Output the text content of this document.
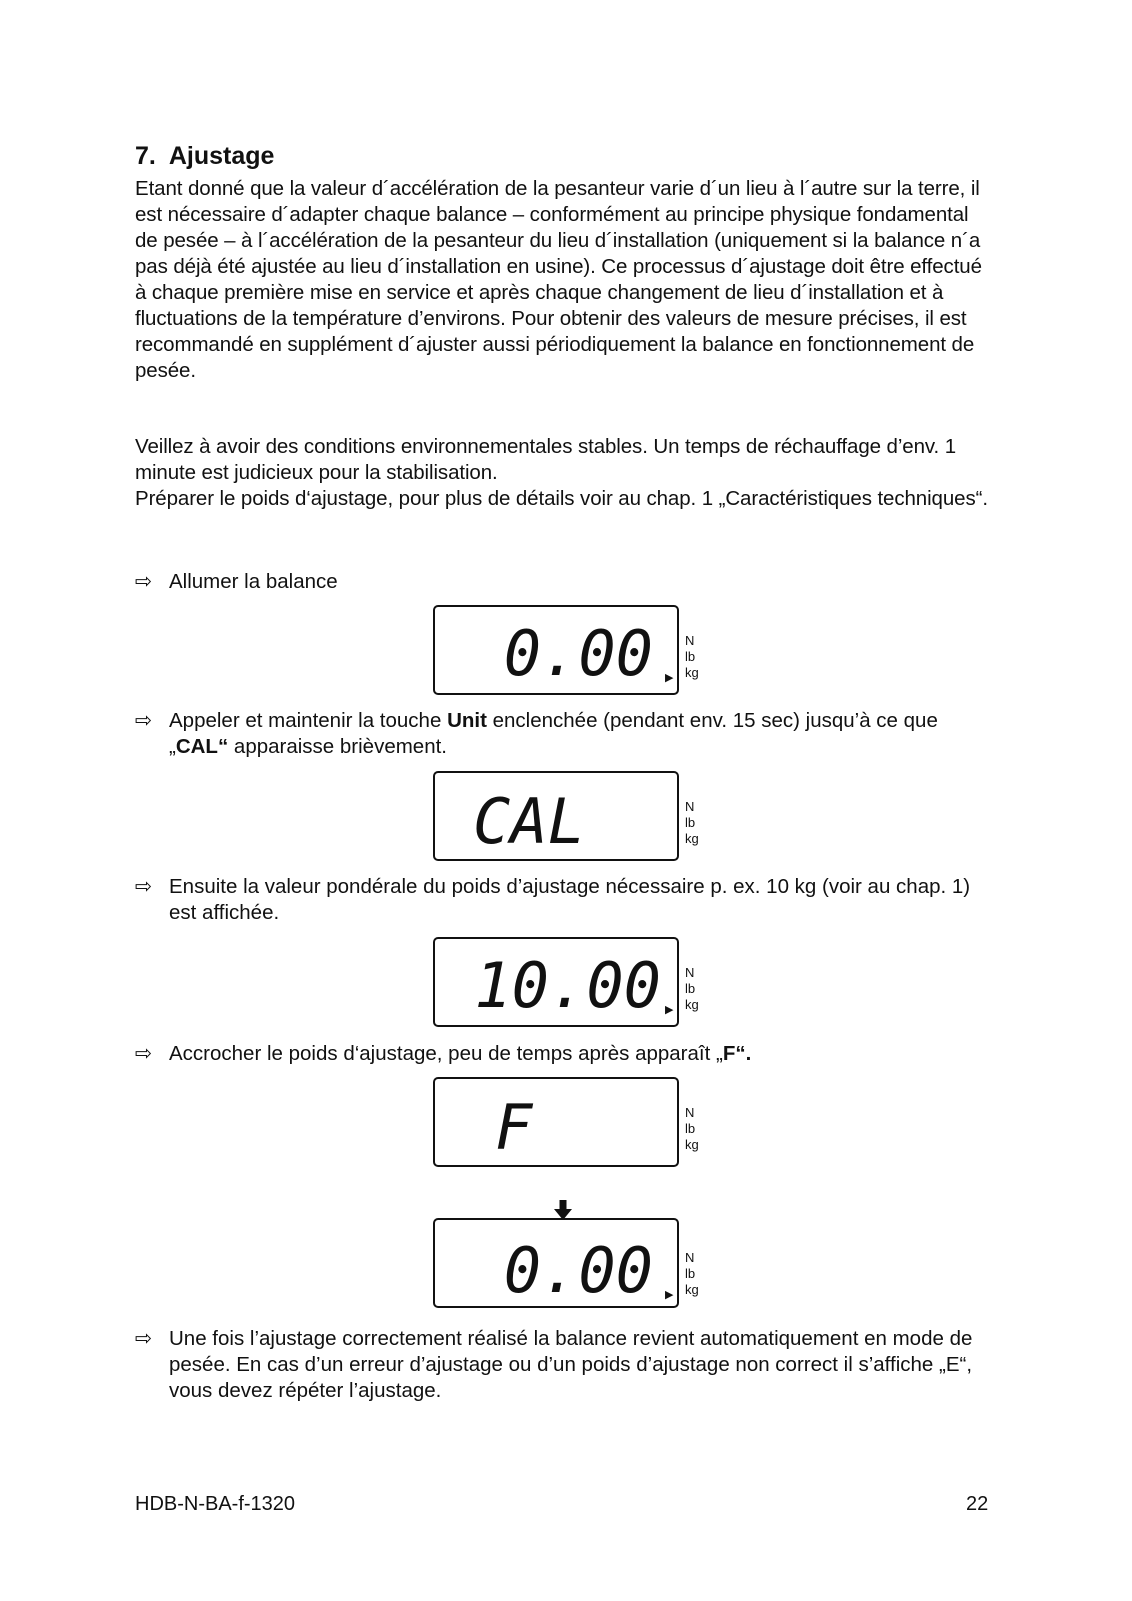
7. Ajustage

Etant donné que la valeur d´accélération de la pesanteur varie d´un lieu à l´autre sur la terre, il est nécessaire d´adapter chaque balance – conformément au principe physique fondamental de pesée – à l´accélération de la pesanteur du lieu d´installation (uniquement si la balance n´a pas déjà été ajustée au lieu d´installation en usine). Ce processus d´ajustage doit être effectué à chaque première mise en service et après chaque changement de lieu d´installation et à fluctuations de la température d’environs. Pour obtenir des valeurs de mesure précises, il est recommandé en supplément d´ajuster aussi périodiquement la balance en fonctionnement de pesée.

Veillez à avoir des conditions environnementales stables. Un temps de réchauffage d’env. 1 minute est judicieux pour la stabilisation.

Préparer le poids d‘ajustage, pour plus de détails voir au chap. 1 „Caractéristiques techniques“.

⇨ Allumer la balance
0.00 ▶
N
lb
kg
⇨ Appeler et maintenir la touche Unit enclenchée (pendant env. 15 sec) jusqu’à ce que „CAL“ apparaisse brièvement.
CAL	N
lb
kg
⇨ Ensuite la valeur pondérale du poids d’ajustage nécessaire p. ex. 10 kg (voir au chap. 1) est affichée.
10.00 ▶
N
lb
kg
⇨ Accrocher le poids d‘ajustage, peu de temps après apparaît „F“.
F	N
lb
kg
0.00 ▶
N
lb
kg
⇨ Une fois l’ajustage correctement réalisé la balance revient automatiquement en mode de pesée. En cas d’un erreur d’ajustage ou d’un poids d’ajustage non correct il s’affiche „E“, vous devez répéter l’ajustage.
HDB-N-BA-f-1320	22
